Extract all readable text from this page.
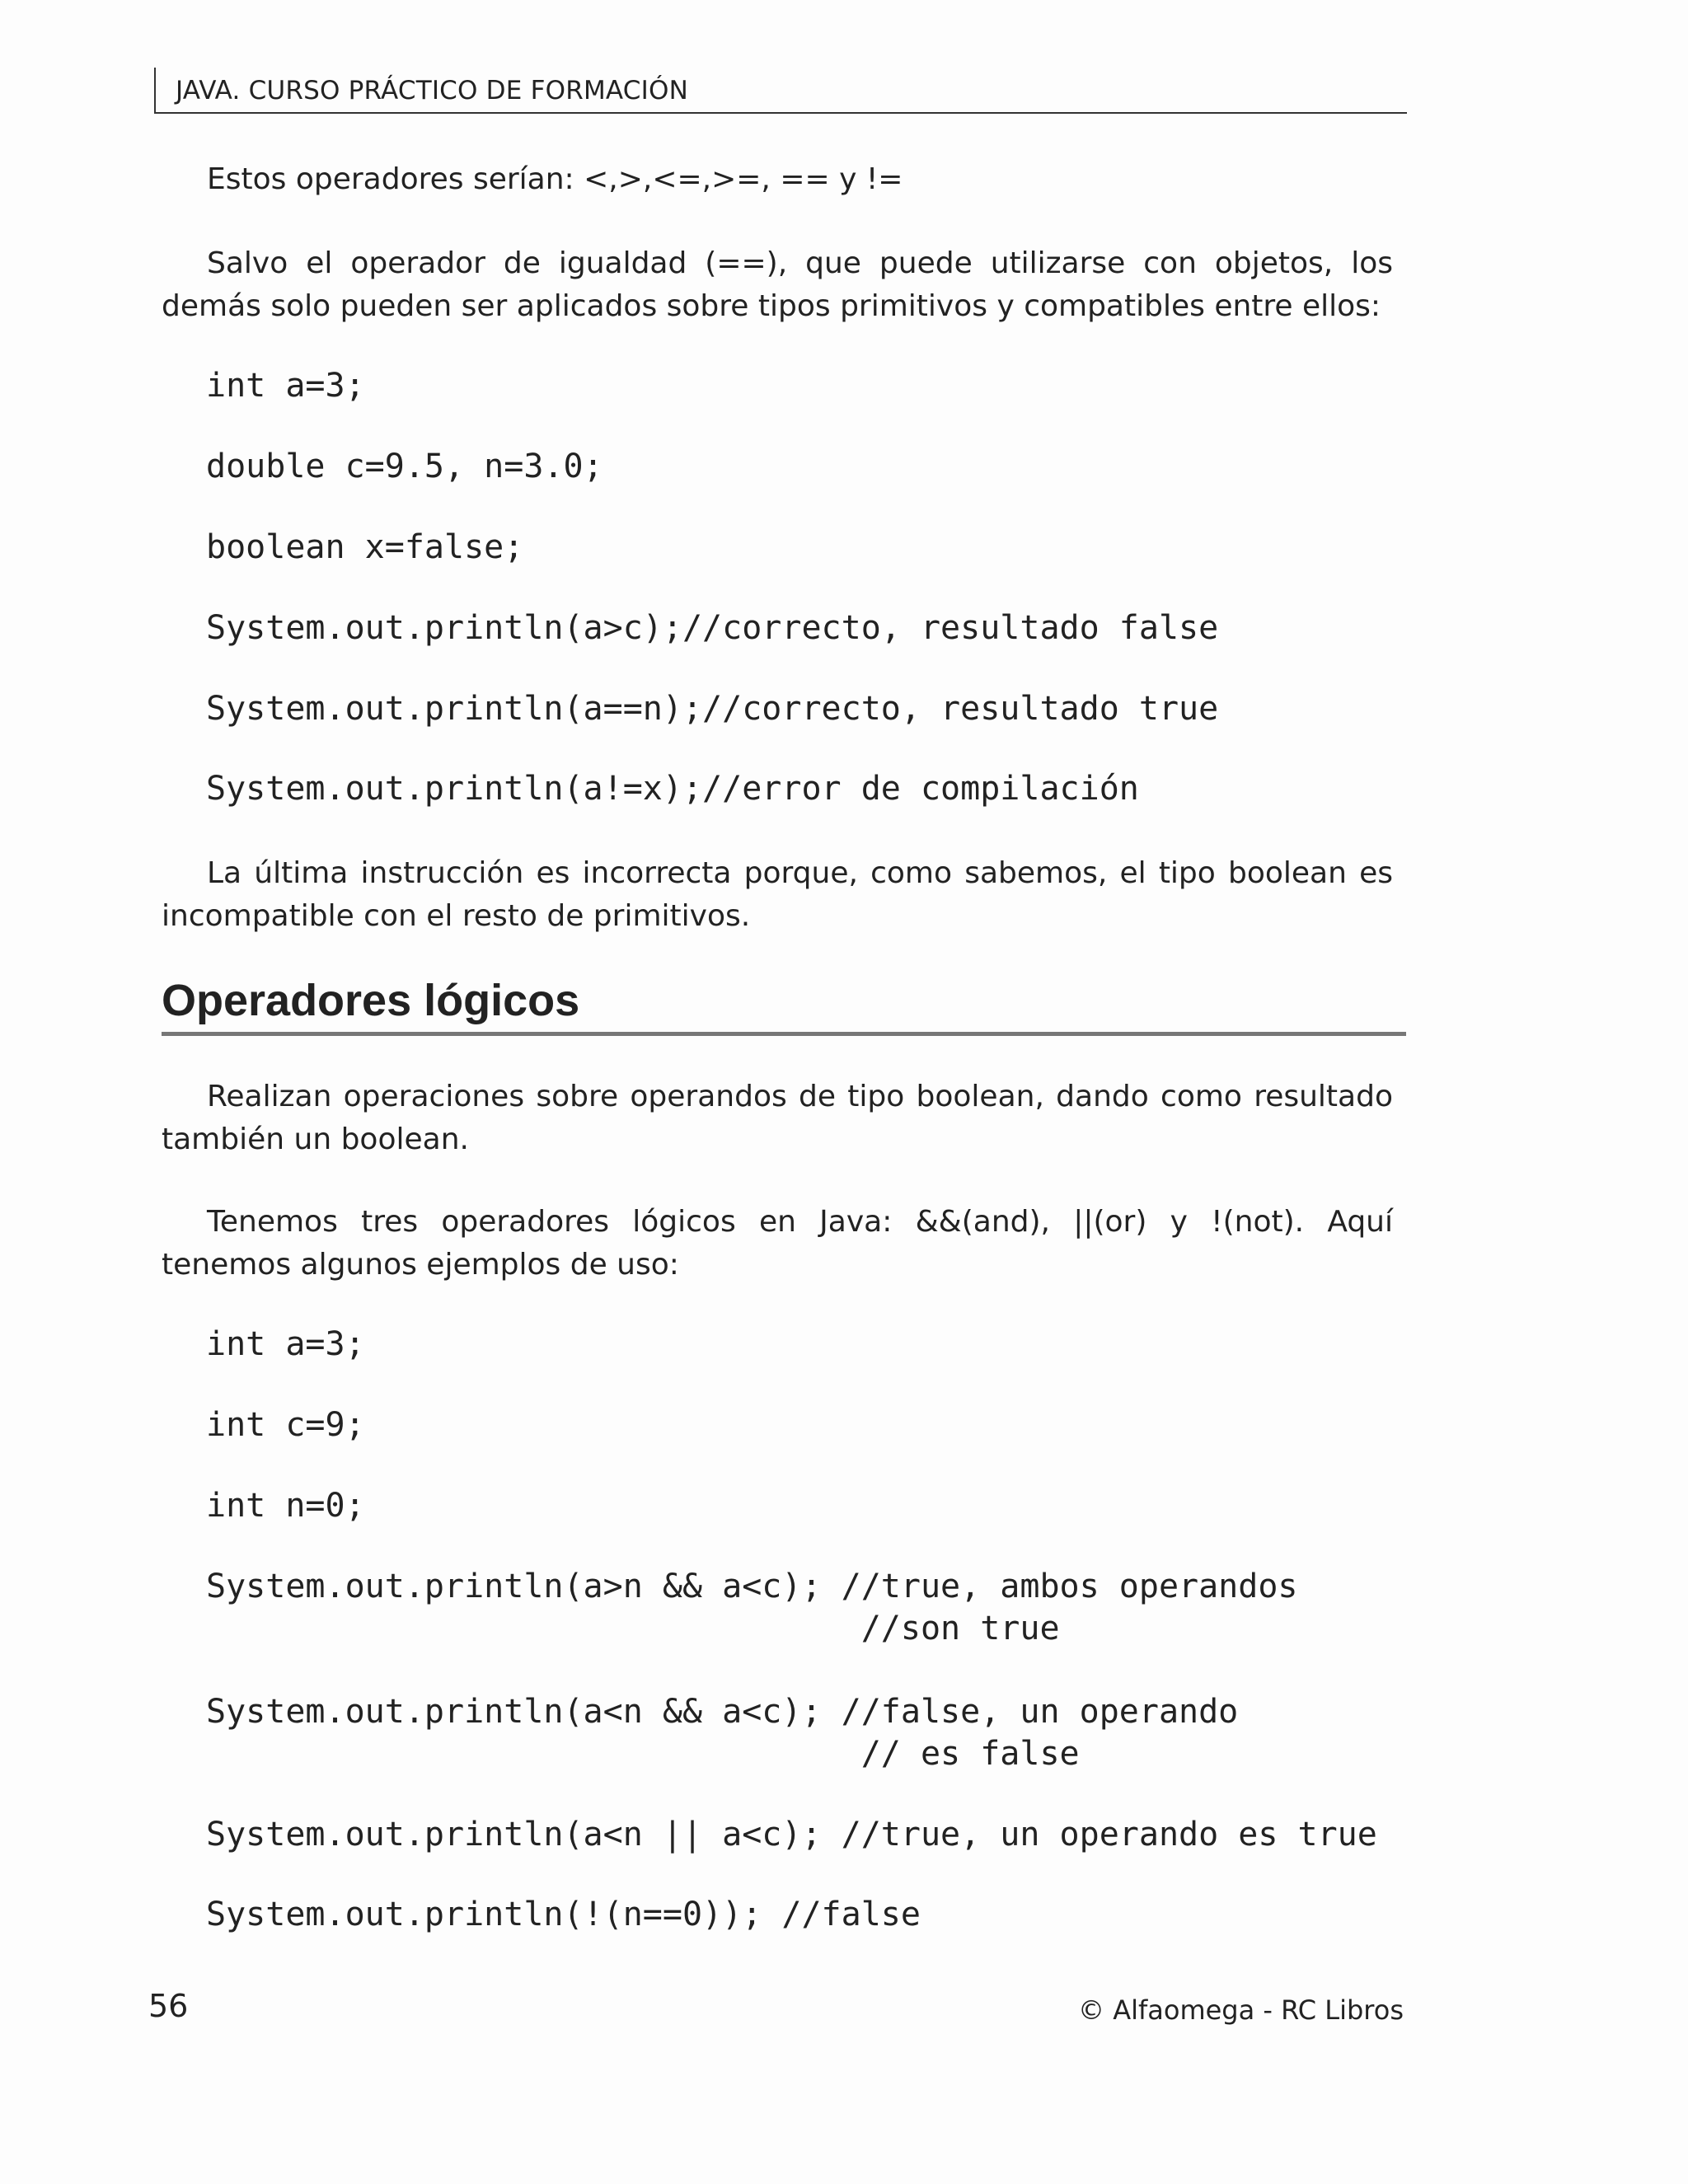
JAVA. CURSO PRÁCTICO DE FORMACIÓN

Estos operadores serían: <,>,<=,>=, == y !=

Salvo el operador de igualdad (==), que puede utilizarse con objetos, los demás solo pueden ser aplicados sobre tipos primitivos y compatibles entre ellos:

int a=3;
double c=9.5, n=3.0;
boolean x=false;
System.out.println(a>c);//correcto, resultado false
System.out.println(a==n);//correcto, resultado true
System.out.println(a!=x);//error de compilación

La última instrucción es incorrecta porque, como sabemos, el tipo boolean es incompatible con el resto de primitivos.

Operadores lógicos

Realizan operaciones sobre operandos de tipo boolean, dando como resultado también un boolean.

Tenemos tres operadores lógicos en Java: &&(and), ||(or) y !(not). Aquí tenemos algunos ejemplos de uso:

int a=3;
int c=9;
int n=0;
System.out.println(a>n && a<c); //true, ambos operandos
//son true
System.out.println(a<n && a<c); //false, un operando
// es false
System.out.println(a<n || a<c); //true, un operando es true
System.out.println(!(n==0)); //false
56	© Alfaomega - RC Libros
